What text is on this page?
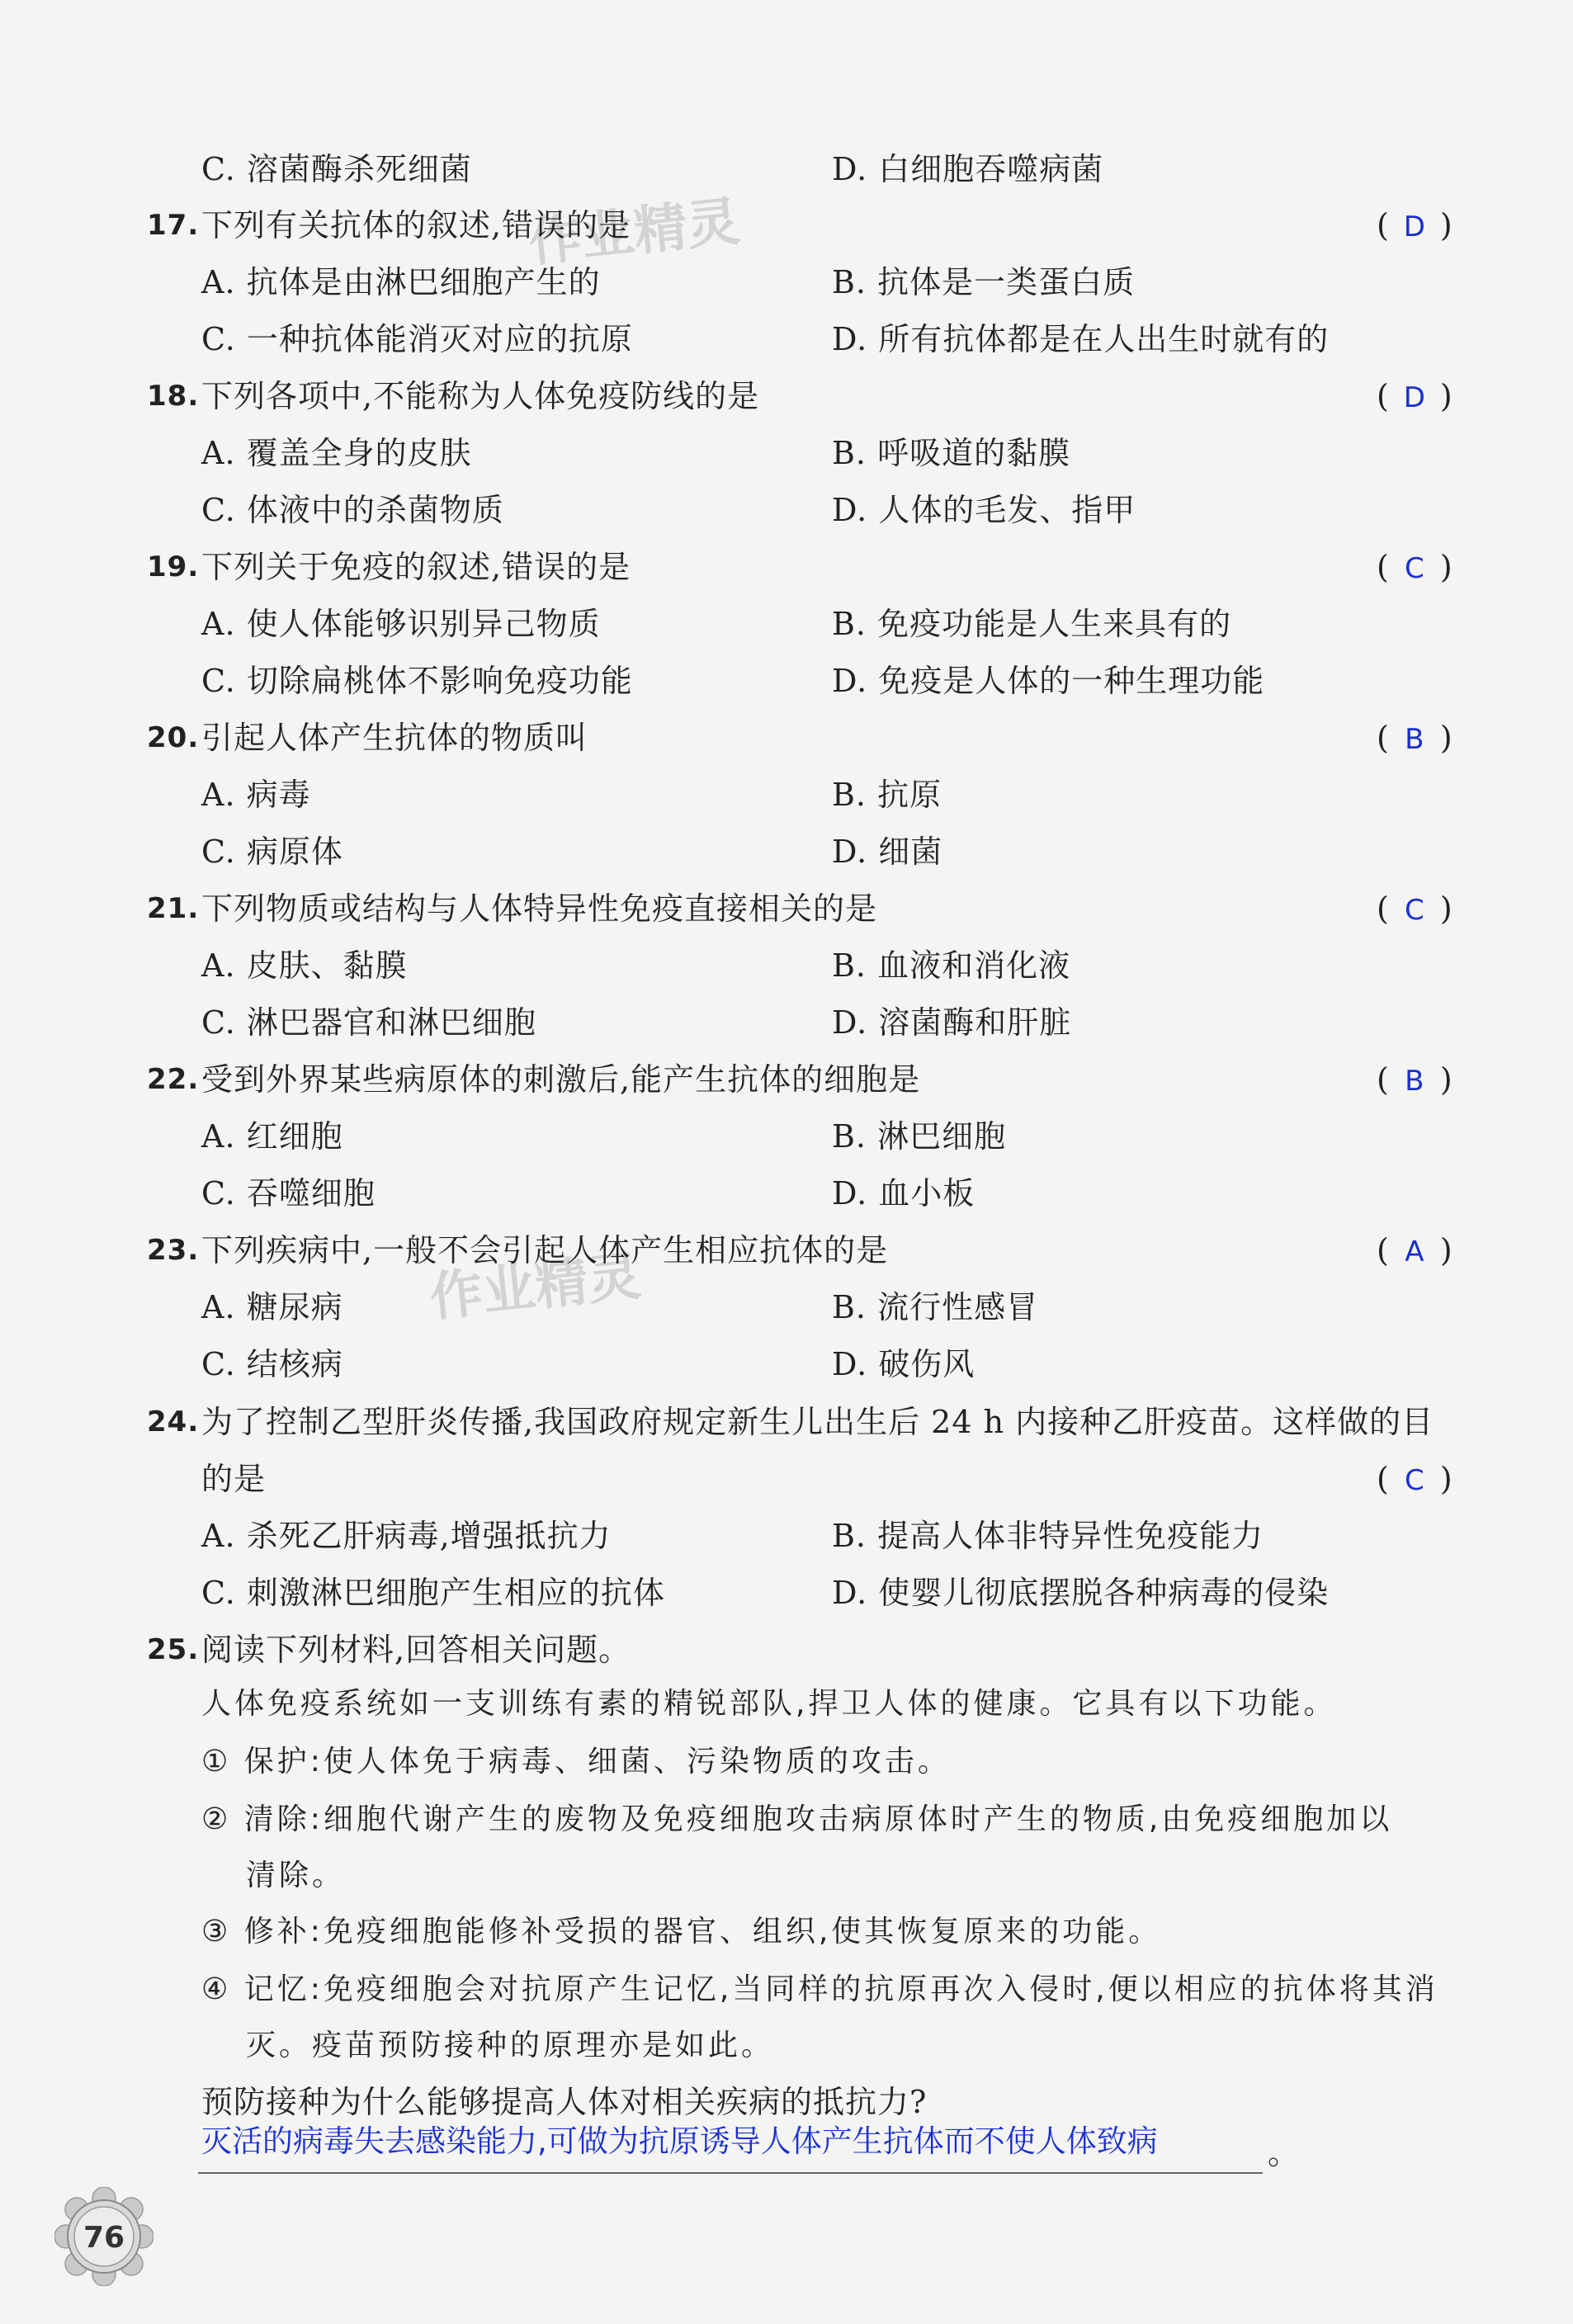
作业精灵
作业精灵
C. 溶菌酶杀死细菌	D. 白细胞吞噬病菌
17. 下列有关抗体的叙述,错误的是	( D )
A. 抗体是由淋巴细胞产生的	B. 抗体是一类蛋白质
C. 一种抗体能消灭对应的抗原	D. 所有抗体都是在人出生时就有的
18. 下列各项中,不能称为人体免疫防线的是	( D )
A. 覆盖全身的皮肤	B. 呼吸道的黏膜
C. 体液中的杀菌物质	D. 人体的毛发、指甲
19. 下列关于免疫的叙述,错误的是	( C )
A. 使人体能够识别异己物质	B. 免疫功能是人生来具有的
C. 切除扁桃体不影响免疫功能	D. 免疫是人体的一种生理功能
20. 引起人体产生抗体的物质叫	( B )
A. 病毒	B. 抗原
C. 病原体	D. 细菌
21. 下列物质或结构与人体特异性免疫直接相关的是	( C )
A. 皮肤、黏膜	B. 血液和消化液
C. 淋巴器官和淋巴细胞	D. 溶菌酶和肝脏
22. 受到外界某些病原体的刺激后,能产生抗体的细胞是	( B )
A. 红细胞	B. 淋巴细胞
C. 吞噬细胞	D. 血小板
23. 下列疾病中,一般不会引起人体产生相应抗体的是	( A )
A. 糖尿病	B. 流行性感冒
C. 结核病	D. 破伤风
24. 为了控制乙型肝炎传播,我国政府规定新生儿出生后 24 h 内接种乙肝疫苗。这样做的目
的是	( C )
A. 杀死乙肝病毒,增强抵抗力	B. 提高人体非特异性免疫能力
C. 刺激淋巴细胞产生相应的抗体	D. 使婴儿彻底摆脱各种病毒的侵染
25. 阅读下列材料,回答相关问题。
人体免疫系统如一支训练有素的精锐部队,捍卫人体的健康。它具有以下功能。
① 保护:使人体免于病毒、细菌、污染物质的攻击。
② 清除:细胞代谢产生的废物及免疫细胞攻击病原体时产生的物质,由免疫细胞加以
清除。
③ 修补:免疫细胞能修补受损的器官、组织,使其恢复原来的功能。
④ 记忆:免疫细胞会对抗原产生记忆,当同样的抗原再次入侵时,便以相应的抗体将其消
灭。疫苗预防接种的原理亦是如此。
预防接种为什么能够提高人体对相关疾病的抵抗力?
灭活的病毒失去感染能力,可做为抗原诱导人体产生抗体而不使人体致病	。
76
